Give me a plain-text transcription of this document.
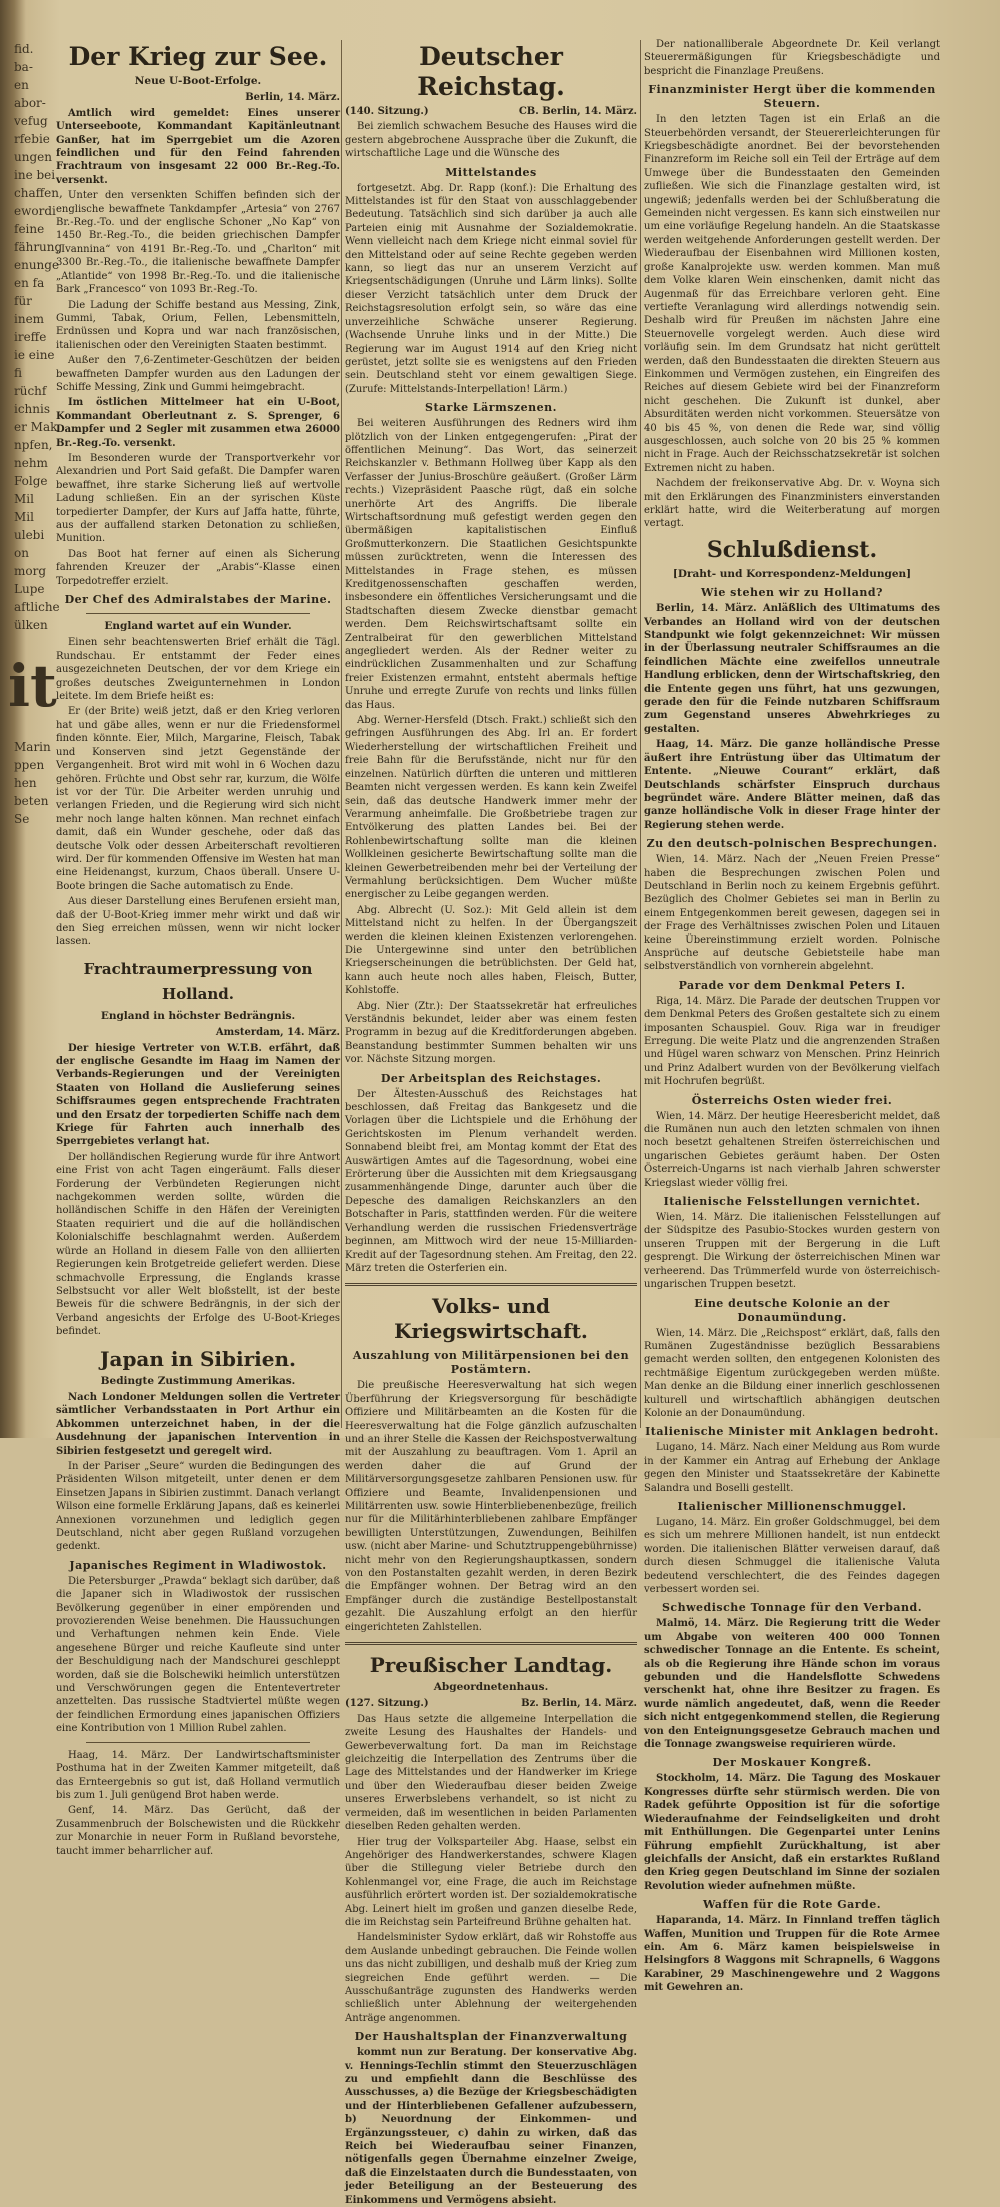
fid.
ba-
en
abor-
vefug
rfebie
ungen
ine bei
chaffen,
ewordi
feine
fährung
enunge
en fa
für
inem
ireffe
ie eine
fi
rüchf
ichnis
er Mak
npfen,
nehm
Folge
Mil
Mil
ulebi
on
morg
Lupe
aftliche
ülken
it
Marin
ppen
hen
beten
Se
Der Krieg zur See.
Neue U-Boot-Erfolge.
Berlin, 14. März.

Amtlich wird gemeldet: Eines unserer Unterseeboote, Kommandant Kapitänleutnant Ganßer, hat im Sperrgebiet um die Azoren feindlichen und für den Feind fahrenden Frachtraum von insgesamt 22 000 Br.-Reg.-To. versenkt.

Unter den versenkten Schiffen befinden sich der englische bewaffnete Tankdampfer „Artesia“ von 2767 Br.-Reg.-To. und der englische Schoner „No Kap“ von 1450 Br.-Reg.-To., die beiden griechischen Dampfer „Ivannina“ von 4191 Br.-Reg.-To. und „Charlton“ mit 3300 Br.-Reg.-To., die italienische bewaffnete Dampfer „Atlantide“ von 1998 Br.-Reg.-To. und die italienische Bark „Francesco“ von 1093 Br.-Reg.-To.

Die Ladung der Schiffe bestand aus Messing, Zink, Gummi, Tabak, Orium, Fellen, Lebensmitteln, Erdnüssen und Kopra und war nach französischen, italienischen oder den Vereinigten Staaten bestimmt.

Außer den 7,6-Zentimeter-Geschützen der beiden bewaffneten Dampfer wurden aus den Ladungen der Schiffe Messing, Zink und Gummi heimgebracht.

Im östlichen Mittelmeer hat ein U-Boot, Kommandant Oberleutnant z. S. Sprenger, 6 Dampfer und 2 Segler mit zusammen etwa 26000 Br.-Reg.-To. versenkt.

Im Besonderen wurde der Transportverkehr vor Alexandrien und Port Said gefaßt. Die Dampfer waren bewaffnet, ihre starke Sicherung ließ auf wertvolle Ladung schließen. Ein an der syrischen Küste torpedierter Dampfer, der Kurs auf Jaffa hatte, führte, aus der auffallend starken Detonation zu schließen, Munition.

Das Boot hat ferner auf einen als Sicherung fahrenden Kreuzer der „Arabis“-Klasse einen Torpedotreffer erzielt.

Der Chef des Admiralstabes der Marine.
England wartet auf ein Wunder.

Einen sehr beachtenswerten Brief erhält die Tägl. Rundschau. Er entstammt der Feder eines ausgezeichneten Deutschen, der vor dem Kriege ein großes deutsches Zweigunternehmen in London leitete. Im dem Briefe heißt es:

Er (der Brite) weiß jetzt, daß er den Krieg verloren hat und gäbe alles, wenn er nur die Friedensformel finden könnte. Eier, Milch, Margarine, Fleisch, Tabak und Konserven sind jetzt Gegenstände der Vergangenheit. Brot wird mit wohl in 6 Wochen dazu gehören. Früchte und Obst sehr rar, kurzum, die Wölfe ist vor der Tür. Die Arbeiter werden unruhig und verlangen Frieden, und die Regierung wird sich nicht mehr noch lange halten können. Man rechnet einfach damit, daß ein Wunder geschehe, oder daß das deutsche Volk oder dessen Arbeiterschaft revoltieren wird. Der für kommenden Offensive im Westen hat man eine Heidenangst, kurzum, Chaos überall. Unsere U-Boote bringen die Sache automatisch zu Ende.

Aus dieser Darstellung eines Berufenen ersieht man, daß der U-Boot-Krieg immer mehr wirkt und daß wir den Sieg erreichen müssen, wenn wir nicht locker lassen.

Frachtraumerpressung von Holland.
England in höchster Bedrängnis.
Amsterdam, 14. März.

Der hiesige Vertreter von W.T.B. erfährt, daß der englische Gesandte im Haag im Namen der Verbands-Regierungen und der Vereinigten Staaten von Holland die Auslieferung seines Schiffsraumes gegen entsprechende Frachtraten und den Ersatz der torpedierten Schiffe nach dem Kriege für Fahrten auch innerhalb des Sperrgebietes verlangt hat.

Der holländischen Regierung wurde für ihre Antwort eine Frist von acht Tagen eingeräumt. Falls dieser Forderung der Verbündeten Regierungen nicht nachgekommen werden sollte, würden die holländischen Schiffe in den Häfen der Vereinigten Staaten requiriert und die auf die holländischen Kolonialschiffe beschlagnahmt werden. Außerdem würde an Holland in diesem Falle von den alliierten Regierungen kein Brotgetreide geliefert werden. Diese schmachvolle Erpressung, die Englands krasse Selbstsucht vor aller Welt bloßstellt, ist der beste Beweis für die schwere Bedrängnis, in der sich der Verband angesichts der Erfolge des U-Boot-Krieges befindet.

Japan in Sibirien.
Bedingte Zustimmung Amerikas.

Nach Londoner Meldungen sollen die Vertreter sämtlicher Verbandsstaaten in Port Arthur ein Abkommen unterzeichnet haben, in der die Ausdehnung der japanischen Intervention in Sibirien festgesetzt und geregelt wird.

In der Pariser „Seure“ wurden die Bedingungen des Präsidenten Wilson mitgeteilt, unter denen er dem Einsetzen Japans in Sibirien zustimmt. Danach verlangt Wilson eine formelle Erklärung Japans, daß es keinerlei Annexionen vorzunehmen und lediglich gegen Deutschland, nicht aber gegen Rußland vorzugehen gedenkt.

Japanisches Regiment in Wladiwostok.

Die Petersburger „Prawda“ beklagt sich darüber, daß die Japaner sich in Wladiwostok der russischen Bevölkerung gegenüber in einer empörenden und provozierenden Weise benehmen. Die Haussuchungen und Verhaftungen nehmen kein Ende. Viele angesehene Bürger und reiche Kaufleute sind unter der Beschuldigung nach der Mandschurei geschleppt worden, daß sie die Bolschewiki heimlich unterstützen und Verschwörungen gegen die Ententevertreter anzettelten. Das russische Stadtviertel müßte wegen der feindlichen Ermordung eines japanischen Offiziers eine Kontribution von 1 Million Rubel zahlen.

Haag, 14. März. Der Landwirtschaftsminister Posthuma hat in der Zweiten Kammer mitgeteilt, daß das Ernteergebnis so gut ist, daß Holland vermutlich bis zum 1. Juli genügend Brot haben werde.

Genf, 14. März. Das Gerücht, daß der Zusammenbruch der Bolschewisten und die Rückkehr zur Monarchie in neuer Form in Rußland bevorstehe, taucht immer beharrlicher auf.

Deutscher Reichstag.
(140. Sitzung.)	CB. Berlin, 14. März.

Bei ziemlich schwachem Besuche des Hauses wird die gestern abgebrochene Aussprache über die Zukunft, die wirtschaftliche Lage und die Wünsche des

Mittelstandes

fortgesetzt. Abg. Dr. Rapp (konf.): Die Erhaltung des Mittelstandes ist für den Staat von ausschlaggebender Bedeutung. Tatsächlich sind sich darüber ja auch alle Parteien einig mit Ausnahme der Sozialdemokratie. Wenn vielleicht nach dem Kriege nicht einmal soviel für den Mittelstand oder auf seine Rechte gegeben werden kann, so liegt das nur an unserem Verzicht auf Kriegsentschädigungen (Unruhe und Lärm links). Sollte dieser Verzicht tatsächlich unter dem Druck der Reichstagsresolution erfolgt sein, so wäre das eine unverzeihliche Schwäche unserer Regierung. (Wachsende Unruhe links und in der Mitte.) Die Regierung war im August 1914 auf den Krieg nicht gerüstet, jetzt sollte sie es wenigstens auf den Frieden sein. Deutschland steht vor einem gewaltigen Siege. (Zurufe: Mittelstands-Interpellation! Lärm.)

Starke Lärmszenen.

Bei weiteren Ausführungen des Redners wird ihm plötzlich von der Linken entgegengerufen: „Pirat der öffentlichen Meinung“. Das Wort, das seinerzeit Reichskanzler v. Bethmann Hollweg über Kapp als den Verfasser der Junius-Broschüre geäußert. (Großer Lärm rechts.) Vizepräsident Paasche rügt, daß ein solche unerhörte Art des Angriffs. Die liberale Wirtschaftsordnung muß gefestigt werden gegen den übermäßigen kapitalistischen Einfluß Großmutterkonzern. Die Staatlichen Gesichtspunkte müssen zurücktreten, wenn die Interessen des Mittelstandes in Frage stehen, es müssen Kreditgenossenschaften geschaffen werden, insbesondere ein öffentliches Versicherungsamt und die Stadtschaften diesem Zwecke dienstbar gemacht werden. Dem Reichswirtschaftsamt sollte ein Zentralbeirat für den gewerblichen Mittelstand angegliedert werden. Als der Redner weiter zu eindrücklichen Zusammenhalten und zur Schaffung freier Existenzen ermahnt, entsteht abermals heftige Unruhe und erregte Zurufe von rechts und links füllen das Haus.

Abg. Werner-Hersfeld (Dtsch. Frakt.) schließt sich den gefringen Ausführungen des Abg. Irl an. Er fordert Wiederherstellung der wirtschaftlichen Freiheit und freie Bahn für die Berufsstände, nicht nur für den einzelnen. Natürlich dürften die unteren und mittleren Beamten nicht vergessen werden. Es kann kein Zweifel sein, daß das deutsche Handwerk immer mehr der Verarmung anheimfalle. Die Großbetriebe tragen zur Entvölkerung des platten Landes bei. Bei der Rohlenbewirtschaftung sollte man die kleinen Wollkleinen gesicherte Bewirtschaftung sollte man die kleinen Gewerbetreibenden mehr bei der Verteilung der Vermahlung berücksichtigen. Dem Wucher müßte energischer zu Leibe gegangen werden.

Abg. Albrecht (U. Soz.): Mit Geld allein ist dem Mittelstand nicht zu helfen. In der Übergangszeit werden die kleinen kleinen Existenzen verlorengehen. Die Untergewinne sind unter den betrüblichen Kriegserscheinungen die betrüblichsten. Der Geld hat, kann auch heute noch alles haben, Fleisch, Butter, Kohlstoffe.

Abg. Nier (Ztr.): Der Staatssekretär hat erfreuliches Verständnis bekundet, leider aber was einem festen Programm in bezug auf die Kreditforderungen abgeben. Beanstandung bestimmter Summen behalten wir uns vor. Nächste Sitzung morgen.

Der Arbeitsplan des Reichstages.

Der Ältesten-Ausschuß des Reichstages hat beschlossen, daß Freitag das Bankgesetz und die Vorlagen über die Lichtspiele und die Erhöhung der Gerichtskosten im Plenum verhandelt werden. Sonnabend bleibt frei, am Montag kommt der Etat des Auswärtigen Amtes auf die Tagesordnung, wobei eine Erörterung über die Aussichten mit dem Kriegsausgang zusammenhängende Dinge, darunter auch über die Depesche des damaligen Reichskanzlers an den Botschafter in Paris, stattfinden werden. Für die weitere Verhandlung werden die russischen Friedensverträge beginnen, am Mittwoch wird der neue 15-Milliarden-Kredit auf der Tagesordnung stehen. Am Freitag, den 22. März treten die Osterferien ein.

Volks- und Kriegswirtschaft.
Auszahlung von Militärpensionen bei den Postämtern.

Die preußische Heeresverwaltung hat sich wegen Überführung der Kriegsversorgung für beschädigte Offiziere und Militärbeamten an die Kosten für die Heeresverwaltung hat die Folge gänzlich aufzuschalten und an ihrer Stelle die Kassen der Reichspostverwaltung mit der Auszahlung zu beauftragen. Vom 1. April an werden daher die auf Grund der Militärversorgungsgesetze zahlbaren Pensionen usw. für Offiziere und Beamte, Invalidenpensionen und Militärrenten usw. sowie Hinterbliebenenbezüge, freilich nur für die Militärhinterbliebenen zahlbare Empfänger bewilligten Unterstützungen, Zuwendungen, Beihilfen usw. (nicht aber Marine- und Schutztruppengebührnisse) nicht mehr von den Regierungshauptkassen, sondern von den Postanstalten gezahlt werden, in deren Bezirk die Empfänger wohnen. Der Betrag wird an den Empfänger durch die zuständige Bestellpostanstalt gezahlt. Die Auszahlung erfolgt an den hierfür eingerichteten Zahlstellen.

Preußischer Landtag.
Abgeordnetenhaus.
(127. Sitzung.)	Bz. Berlin, 14. März.

Das Haus setzte die allgemeine Interpellation die zweite Lesung des Haushaltes der Handels- und Gewerbeverwaltung fort. Da man im Reichstage gleichzeitig die Interpellation des Zentrums über die Lage des Mittelstandes und der Handwerker im Kriege und über den Wiederaufbau dieser beiden Zweige unseres Erwerbslebens verhandelt, so ist nicht zu vermeiden, daß im wesentlichen in beiden Parlamenten dieselben Reden gehalten werden.

Hier trug der Volksparteiler Abg. Haase, selbst ein Angehöriger des Handwerkerstandes, schwere Klagen über die Stillegung vieler Betriebe durch den Kohlenmangel vor, eine Frage, die auch im Reichstage ausführlich erörtert worden ist. Der sozialdemokratische Abg. Leinert hielt im großen und ganzen dieselbe Rede, die im Reichstag sein Parteifreund Brühne gehalten hat.

Handelsminister Sydow erklärt, daß wir Rohstoffe aus dem Auslande unbedingt gebrauchen. Die Feinde wollen uns das nicht zubilligen, und deshalb muß der Krieg zum siegreichen Ende geführt werden. — Die Ausschußanträge zugunsten des Handwerks werden schließlich unter Ablehnung der weitergehenden Anträge angenommen.

Der Haushaltsplan der Finanzverwaltung

kommt nun zur Beratung. Der konservative Abg. v. Hennings-Techlin stimmt den Steuerzuschlägen zu und empfiehlt dann die Beschlüsse des Ausschusses, a) die Bezüge der Kriegsbeschädigten und der Hinterbliebenen Gefallener aufzubessern, b) Neuordnung der Einkommen- und Ergänzungssteuer, c) dahin zu wirken, daß das Reich bei Wiederaufbau seiner Finanzen, nötigenfalls gegen Übernahme einzelner Zweige, daß die Einzelstaaten durch die Bundesstaaten, von jeder Beteiligung an der Besteuerung des Einkommens und Vermögens absieht.

Der nationalliberale Abgeordnete Dr. Keil verlangt Steuerermäßigungen für Kriegsbeschädigte und bespricht die Finanzlage Preußens.

Finanzminister Hergt über die kommenden Steuern.

In den letzten Tagen ist ein Erlaß an die Steuerbehörden versandt, der Steuererleichterungen für Kriegsbeschädigte anordnet. Bei der bevorstehenden Finanzreform im Reiche soll ein Teil der Erträge auf dem Umwege über die Bundesstaaten den Gemeinden zufließen. Wie sich die Finanzlage gestalten wird, ist ungewiß; jedenfalls werden bei der Schlußberatung die Gemeinden nicht vergessen. Es kann sich einstweilen nur um eine vorläufige Regelung handeln. An die Staatskasse werden weitgehende Anforderungen gestellt werden. Der Wiederaufbau der Eisenbahnen wird Millionen kosten, große Kanalprojekte usw. werden kommen. Man muß dem Volke klaren Wein einschenken, damit nicht das Augenmaß für das Erreichbare verloren geht. Eine vertiefte Veranlagung wird allerdings notwendig sein. Deshalb wird für Preußen im nächsten Jahre eine Steuernovelle vorgelegt werden. Auch diese wird vorläufig sein. Im dem Grundsatz hat nicht gerüttelt werden, daß den Bundesstaaten die direkten Steuern aus Einkommen und Vermögen zustehen, ein Eingreifen des Reiches auf diesem Gebiete wird bei der Finanzreform nicht geschehen. Die Zukunft ist dunkel, aber Absurditäten werden nicht vorkommen. Steuersätze von 40 bis 45 %, von denen die Rede war, sind völlig ausgeschlossen, auch solche von 20 bis 25 % kommen nicht in Frage. Auch der Reichsschatzsekretär ist solchen Extremen nicht zu haben.

Nachdem der freikonservative Abg. Dr. v. Woyna sich mit den Erklärungen des Finanzministers einverstanden erklärt hatte, wird die Weiterberatung auf morgen vertagt.

Schlußdienst.
[Draht- und Korrespondenz-Meldungen]
Wie stehen wir zu Holland?

Berlin, 14. März. Anläßlich des Ultimatums des Verbandes an Holland wird von der deutschen Standpunkt wie folgt gekennzeichnet: Wir müssen in der Überlassung neutraler Schiffsraumes an die feindlichen Mächte eine zweifellos unneutrale Handlung erblicken, denn der Wirtschaftskrieg, den die Entente gegen uns führt, hat uns gezwungen, gerade den für die Feinde nutzbaren Schiffsraum zum Gegenstand unseres Abwehrkrieges zu gestalten.

Haag, 14. März. Die ganze holländische Presse äußert ihre Entrüstung über das Ultimatum der Entente. „Nieuwe Courant“ erklärt, daß Deutschlands schärfster Einspruch durchaus begründet wäre. Andere Blätter meinen, daß das ganze holländische Volk in dieser Frage hinter der Regierung stehen werde.

Zu den deutsch-polnischen Besprechungen.

Wien, 14. März. Nach der „Neuen Freien Presse“ haben die Besprechungen zwischen Polen und Deutschland in Berlin noch zu keinem Ergebnis geführt. Bezüglich des Cholmer Gebietes sei man in Berlin zu einem Entgegenkommen bereit gewesen, dagegen sei in der Frage des Verhältnisses zwischen Polen und Litauen keine Übereinstimmung erzielt worden. Polnische Ansprüche auf deutsche Gebietsteile habe man selbstverständlich von vornherein abgelehnt.

Parade vor dem Denkmal Peters I.

Riga, 14. März. Die Parade der deutschen Truppen vor dem Denkmal Peters des Großen gestaltete sich zu einem imposanten Schauspiel. Gouv. Riga war in freudiger Erregung. Die weite Platz und die angrenzenden Straßen und Hügel waren schwarz von Menschen. Prinz Heinrich und Prinz Adalbert wurden von der Bevölkerung vielfach mit Hochrufen begrüßt.

Österreichs Osten wieder frei.

Wien, 14. März. Der heutige Heeresbericht meldet, daß die Rumänen nun auch den letzten schmalen von ihnen noch besetzt gehaltenen Streifen österreichischen und ungarischen Gebietes geräumt haben. Der Osten Österreich-Ungarns ist nach vierhalb Jahren schwerster Kriegslast wieder völlig frei.

Italienische Felsstellungen vernichtet.

Wien, 14. März. Die italienischen Felsstellungen auf der Südspitze des Pasubio-Stockes wurden gestern von unseren Truppen mit der Bergerung in die Luft gesprengt. Die Wirkung der österreichischen Minen war verheerend. Das Trümmerfeld wurde von österreichisch-ungarischen Truppen besetzt.

Eine deutsche Kolonie an der Donaumündung.

Wien, 14. März. Die „Reichspost“ erklärt, daß, falls den Rumänen Zugeständnisse bezüglich Bessarabiens gemacht werden sollten, den entgegenen Kolonisten des rechtmäßige Eigentum zurückgegeben werden müßte. Man denke an die Bildung einer innerlich geschlossenen kulturell und wirtschaftlich abhängigen deutschen Kolonie an der Donaumündung.

Italienische Minister mit Anklagen bedroht.

Lugano, 14. März. Nach einer Meldung aus Rom wurde in der Kammer ein Antrag auf Erhebung der Anklage gegen den Minister und Staatssekretäre der Kabinette Salandra und Boselli gestellt.

Italienischer Millionenschmuggel.

Lugano, 14. März. Ein großer Goldschmuggel, bei dem es sich um mehrere Millionen handelt, ist nun entdeckt worden. Die italienischen Blätter verweisen darauf, daß durch diesen Schmuggel die italienische Valuta bedeutend verschlechtert, die des Feindes dagegen verbessert worden sei.

Schwedische Tonnage für den Verband.

Malmö, 14. März. Die Regierung tritt die Weder um Abgabe von weiteren 400 000 Tonnen schwedischer Tonnage an die Entente. Es scheint, als ob die Regierung ihre Hände schon im voraus gebunden und die Handelsflotte Schwedens verschenkt hat, ohne ihre Besitzer zu fragen. Es wurde nämlich angedeutet, daß, wenn die Reeder sich nicht entgegenkommend stellen, die Regierung von den Enteignungsgesetze Gebrauch machen und die Tonnage zwangsweise requirieren würde.

Der Moskauer Kongreß.

Stockholm, 14. März. Die Tagung des Moskauer Kongresses dürfte sehr stürmisch werden. Die von Radek geführte Opposition ist für die sofortige Wiederaufnahme der Feindseligkeiten und droht mit Enthüllungen. Die Gegenpartei unter Lenins Führung empfiehlt Zurückhaltung, ist aber gleichfalls der Ansicht, daß ein erstarktes Rußland den Krieg gegen Deutschland im Sinne der sozialen Revolution wieder aufnehmen müßte.

Waffen für die Rote Garde.

Haparanda, 14. März. In Finnland treffen täglich Waffen, Munition und Truppen für die Rote Armee ein. Am 6. März kamen beispielsweise in Helsingfors 8 Waggons mit Schrapnells, 6 Waggons Karabiner, 29 Maschinengewehre und 2 Waggons mit Gewehren an.
